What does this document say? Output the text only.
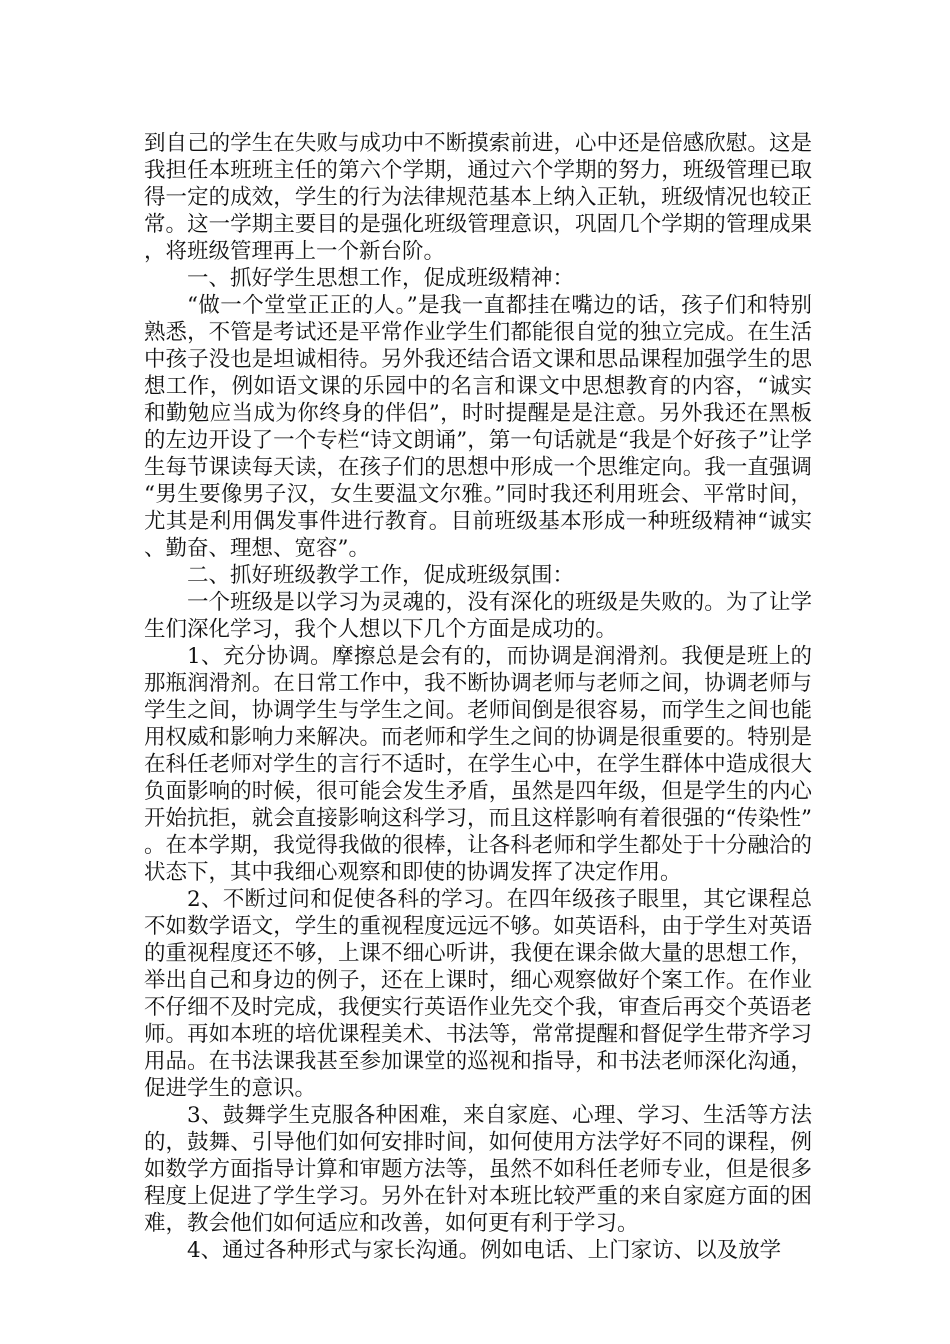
到自己的学生在失败与成功中不断摸索前进，心中还是倍感欣慰。这是我担任本班班主任的第六个学期，通过六个学期的努力，班级管理已取得一定的成效，学生的行为法律规范基本上纳入正轨，班级情况也较正常。这一学期主要目的是强化班级管理意识，巩固几个学期的管理成果，将班级管理再上一个新台阶。

一、抓好学生思想工作，促成班级精神：

“做一个堂堂正正的人。”是我一直都挂在嘴边的话，孩子们和特别熟悉，不管是考试还是平常作业学生们都能很自觉的独立完成。在生活中孩子没也是坦诚相待。另外我还结合语文课和思品课程加强学生的思想工作，例如语文课的乐园中的名言和课文中思想教育的内容，“诚实和勤勉应当成为你终身的伴侣”，时时提醒是是注意。另外我还在黑板的左边开设了一个专栏“诗文朗诵”，第一句话就是“我是个好孩子”让学生每节课读每天读，在孩子们的思想中形成一个思维定向。我一直强调“男生要像男子汉，女生要温文尔雅。”同时我还利用班会、平常时间，尤其是利用偶发事件进行教育。目前班级基本形成一种班级精神“诚实、勤奋、理想、宽容”。

二、抓好班级教学工作，促成班级氛围：

一个班级是以学习为灵魂的，没有深化的班级是失败的。为了让学生们深化学习，我个人想以下几个方面是成功的。

1、充分协调。摩擦总是会有的，而协调是润滑剂。我便是班上的那瓶润滑剂。在日常工作中，我不断协调老师与老师之间，协调老师与学生之间，协调学生与学生之间。老师间倒是很容易，而学生之间也能用权威和影响力来解决。而老师和学生之间的协调是很重要的。特别是在科任老师对学生的言行不适时，在学生心中，在学生群体中造成很大负面影响的时候，很可能会发生矛盾，虽然是四年级，但是学生的内心开始抗拒，就会直接影响这科学习，而且这样影响有着很强的“传染性”。在本学期，我觉得我做的很棒，让各科老师和学生都处于十分融洽的状态下，其中我细心观察和即使的协调发挥了决定作用。

2、不断过问和促使各科的学习。在四年级孩子眼里，其它课程总不如数学语文，学生的重视程度远远不够。如英语科，由于学生对英语的重视程度还不够，上课不细心听讲，我便在课余做大量的思想工作，举出自己和身边的例子，还在上课时，细心观察做好个案工作。在作业不仔细不及时完成，我便实行英语作业先交个我，审查后再交个英语老师。再如本班的培优课程美术、书法等，常常提醒和督促学生带齐学习用品。在书法课我甚至参加课堂的巡视和指导，和书法老师深化沟通，促进学生的意识。

3、鼓舞学生克服各种困难，来自家庭、心理、学习、生活等方法的，鼓舞、引导他们如何安排时间，如何使用方法学好不同的课程，例如数学方面指导计算和审题方法等，虽然不如科任老师专业，但是很多程度上促进了学生学习。另外在针对本班比较严重的来自家庭方面的困难，教会他们如何适应和改善，如何更有利于学习。

4、通过各种形式与家长沟通。例如电话、上门家访、以及放学
